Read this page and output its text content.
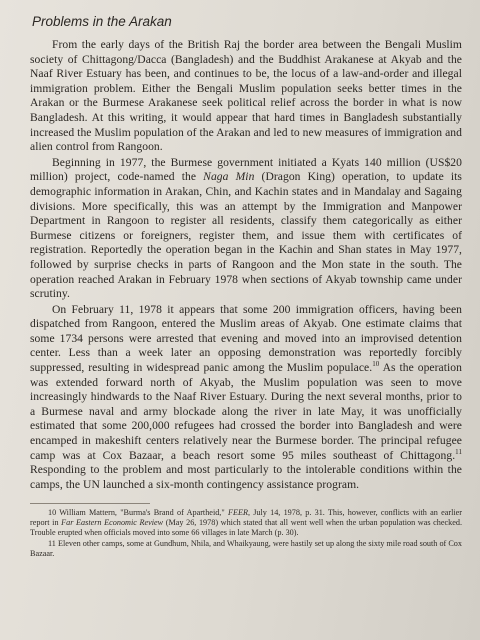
Problems in the Arakan

From the early days of the British Raj the border area between the Bengali Muslim society of Chittagong/Dacca (Bangladesh) and the Buddhist Arakanese at Akyab and the Naaf River Estuary has been, and continues to be, the locus of a law-and-order and illegal immigration problem. Either the Bengali Muslim population seeks better times in the Arakan or the Burmese Arakanese seek political relief across the border in what is now Bangladesh. At this writing, it would appear that hard times in Bangladesh substantially increased the Muslim population of the Arakan and led to new measures of immigration and alien control from Rangoon.

Beginning in 1977, the Burmese government initiated a Kyats 140 million (US$20 million) project, code-named the Naga Min (Dragon King) operation, to update its demographic information in Arakan, Chin, and Kachin states and in Mandalay and Sagaing divisions. More specifically, this was an attempt by the Immigration and Manpower Department in Rangoon to register all residents, classify them categorically as either Burmese citizens or foreigners, register them, and issue them with certificates of registration. Reportedly the operation began in the Kachin and Shan states in May 1977, followed by surprise checks in parts of Rangoon and the Mon state in the south. The operation reached Arakan in February 1978 when sections of Akyab township came under scrutiny.

On February 11, 1978 it appears that some 200 immigration officers, having been dispatched from Rangoon, entered the Muslim areas of Akyab. One estimate claims that some 1734 persons were arrested that evening and moved into an improvised detention center. Less than a week later an opposing demonstration was reportedly forcibly suppressed, resulting in widespread panic among the Muslim populace.$^{10}$ As the operation was extended forward north of Akyab, the Muslim population was seen to move increasingly hindwards to the Naaf River Estuary. During the next several months, prior to a Burmese naval and army blockade along the river in late May, it was unofficially estimated that some 200,000 refugees had crossed the border into Bangladesh and were encamped in makeshift centers relatively near the Burmese border. The principal refugee camp was at Cox Bazaar, a beach resort some 95 miles southeast of Chittagong.$^{11}$ Responding to the problem and most particularly to the intolerable conditions within the camps, the UN launched a six-month contingency assistance program.

10 William Mattern, "Burma's Brand of Apartheid," FEER, July 14, 1978, p. 31. This, however, conflicts with an earlier report in Far Eastern Economic Review (May 26, 1978) which stated that all went well when the urban population was checked. Trouble erupted when officials moved into some 66 villages in late March (p. 30).

11 Eleven other camps, some at Gundhum, Nhila, and Whaikyaung, were hastily set up along the sixty mile road south of Cox Bazaar.
